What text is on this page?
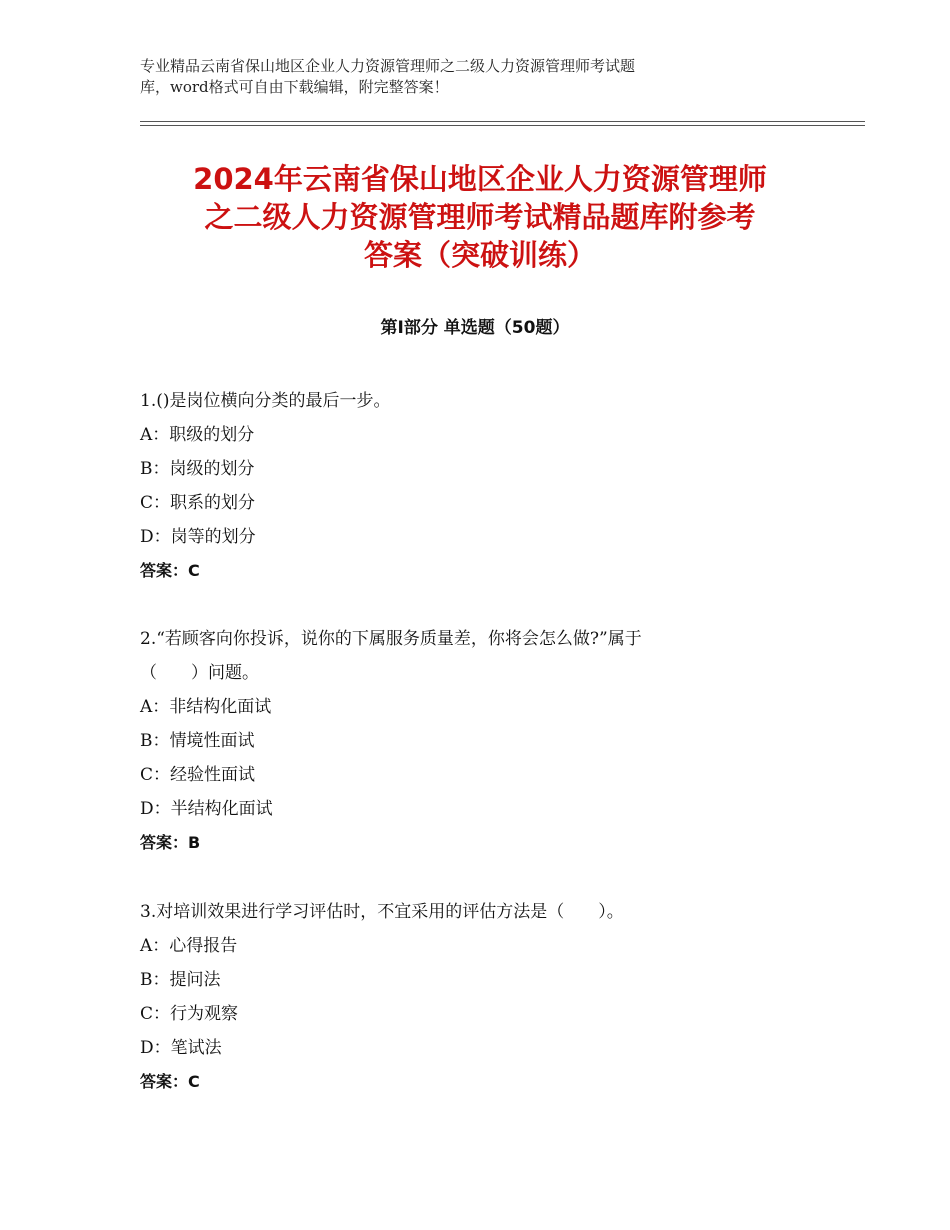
专业精品云南省保山地区企业人力资源管理师之二级人力资源管理师考试题
库，word格式可自由下载编辑，附完整答案！
2024年云南省保山地区企业人力资源管理师
之二级人力资源管理师考试精品题库附参考
答案（突破训练）
第Ⅰ部分 单选题（50题）
1.()是岗位横向分类的最后一步。
A：职级的划分
B：岗级的划分
C：职系的划分
D：岗等的划分
答案：C
2.“若顾客向你投诉，说你的下属服务质量差，你将会怎么做?”属于
（　　）问题。
A：非结构化面试
B：情境性面试
C：经验性面试
D：半结构化面试
答案：B
3.对培训效果进行学习评估时，不宜采用的评估方法是（　　）。
A：心得报告
B：提问法
C：行为观察
D：笔试法
答案：C
